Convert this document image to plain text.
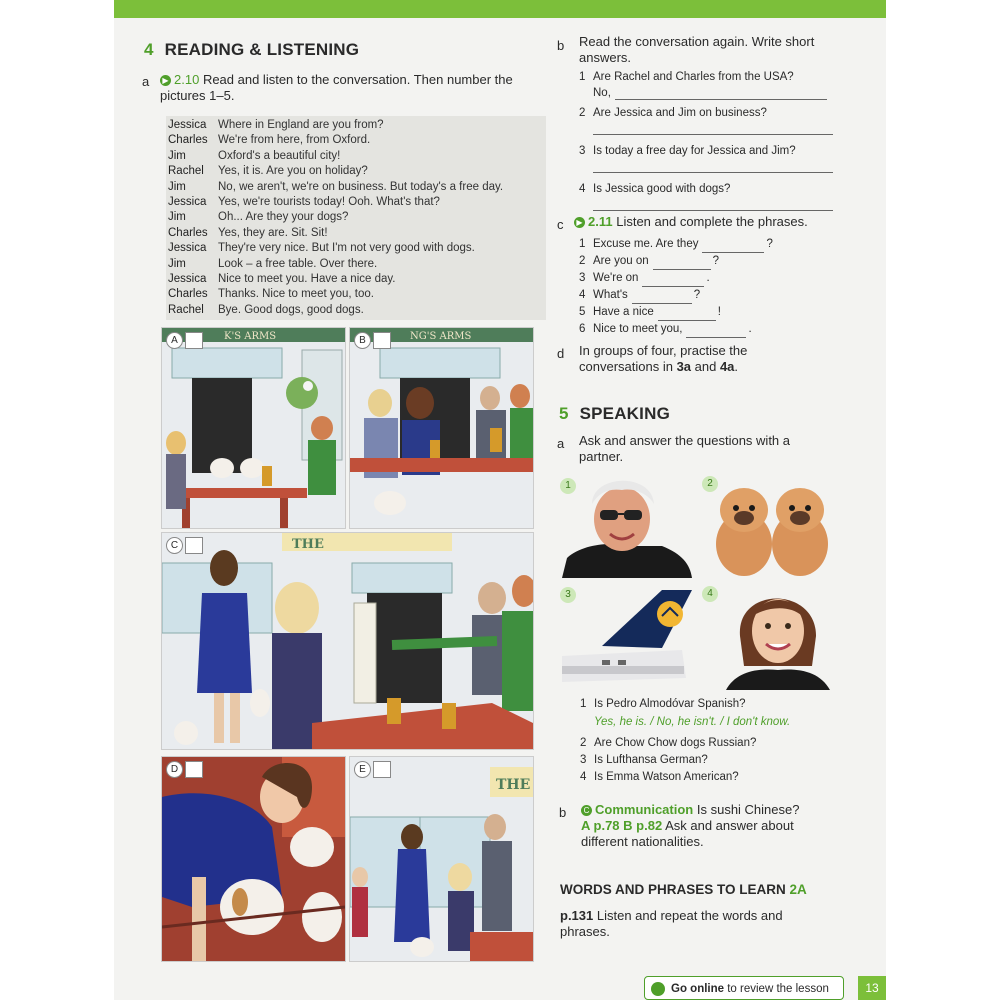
4 READING & LISTENING
a	▶ 2.10 Read and listen to the conversation. Then number the pictures 1–5.
Jessica	Where in England are you from?
Charles We're from here, from Oxford.
Jim	Oxford's a beautiful city!
Rachel	Yes, it is. Are you on holiday?
Jim	No, we aren't, we're on business. But today's a free day.
Jessica	Yes, we're tourists today! Ooh. What's that?
Jim	Oh... Are they your dogs?
Charles Yes, they are. Sit. Sit!
Jessica	They're very nice. But I'm not very good with dogs.
Jim	Look – a free table. Over there.
Jessica	Nice to meet you. Have a nice day.
Charles Thanks. Nice to meet you, too.
Rachel	Bye. Good dogs, good dogs.
K'S ARMS
A	NG'S ARMS
B
THE
C
D
THE
E
b Read the conversation again. Write short answers.
1 Are Rachel and Charles from the USA?
No,
2 Are Jessica and Jim on business?
3 Is today a free day for Jessica and Jim?
4 Is Jessica good with dogs?
c	▶ 2.11 Listen and complete the phrases.
1 Excuse me. Are they	?
2 Are you on	?
3 We're on	.
4 What's	?
5 Have a nice	!
6 Nice to meet you,	.
d In groups of four, practise the conversations in 3a and 4a.
5 SPEAKING
a Ask and answer the questions with a partner.
1	2
3	4
1 Is Pedro Almodóvar Spanish?
Yes, he is. / No, he isn't. / I don't know.
2 Are Chow Chow dogs Russian?
3 Is Lufthansa German?
4 Is Emma Watson American?
b	C Communication Is sushi Chinese?
A p.78 B p.82 Ask and answer about different nationalities.
WORDS AND PHRASES TO LEARN 2A
p.131 Listen and repeat the words and phrases.
Go online to review the lesson	13
